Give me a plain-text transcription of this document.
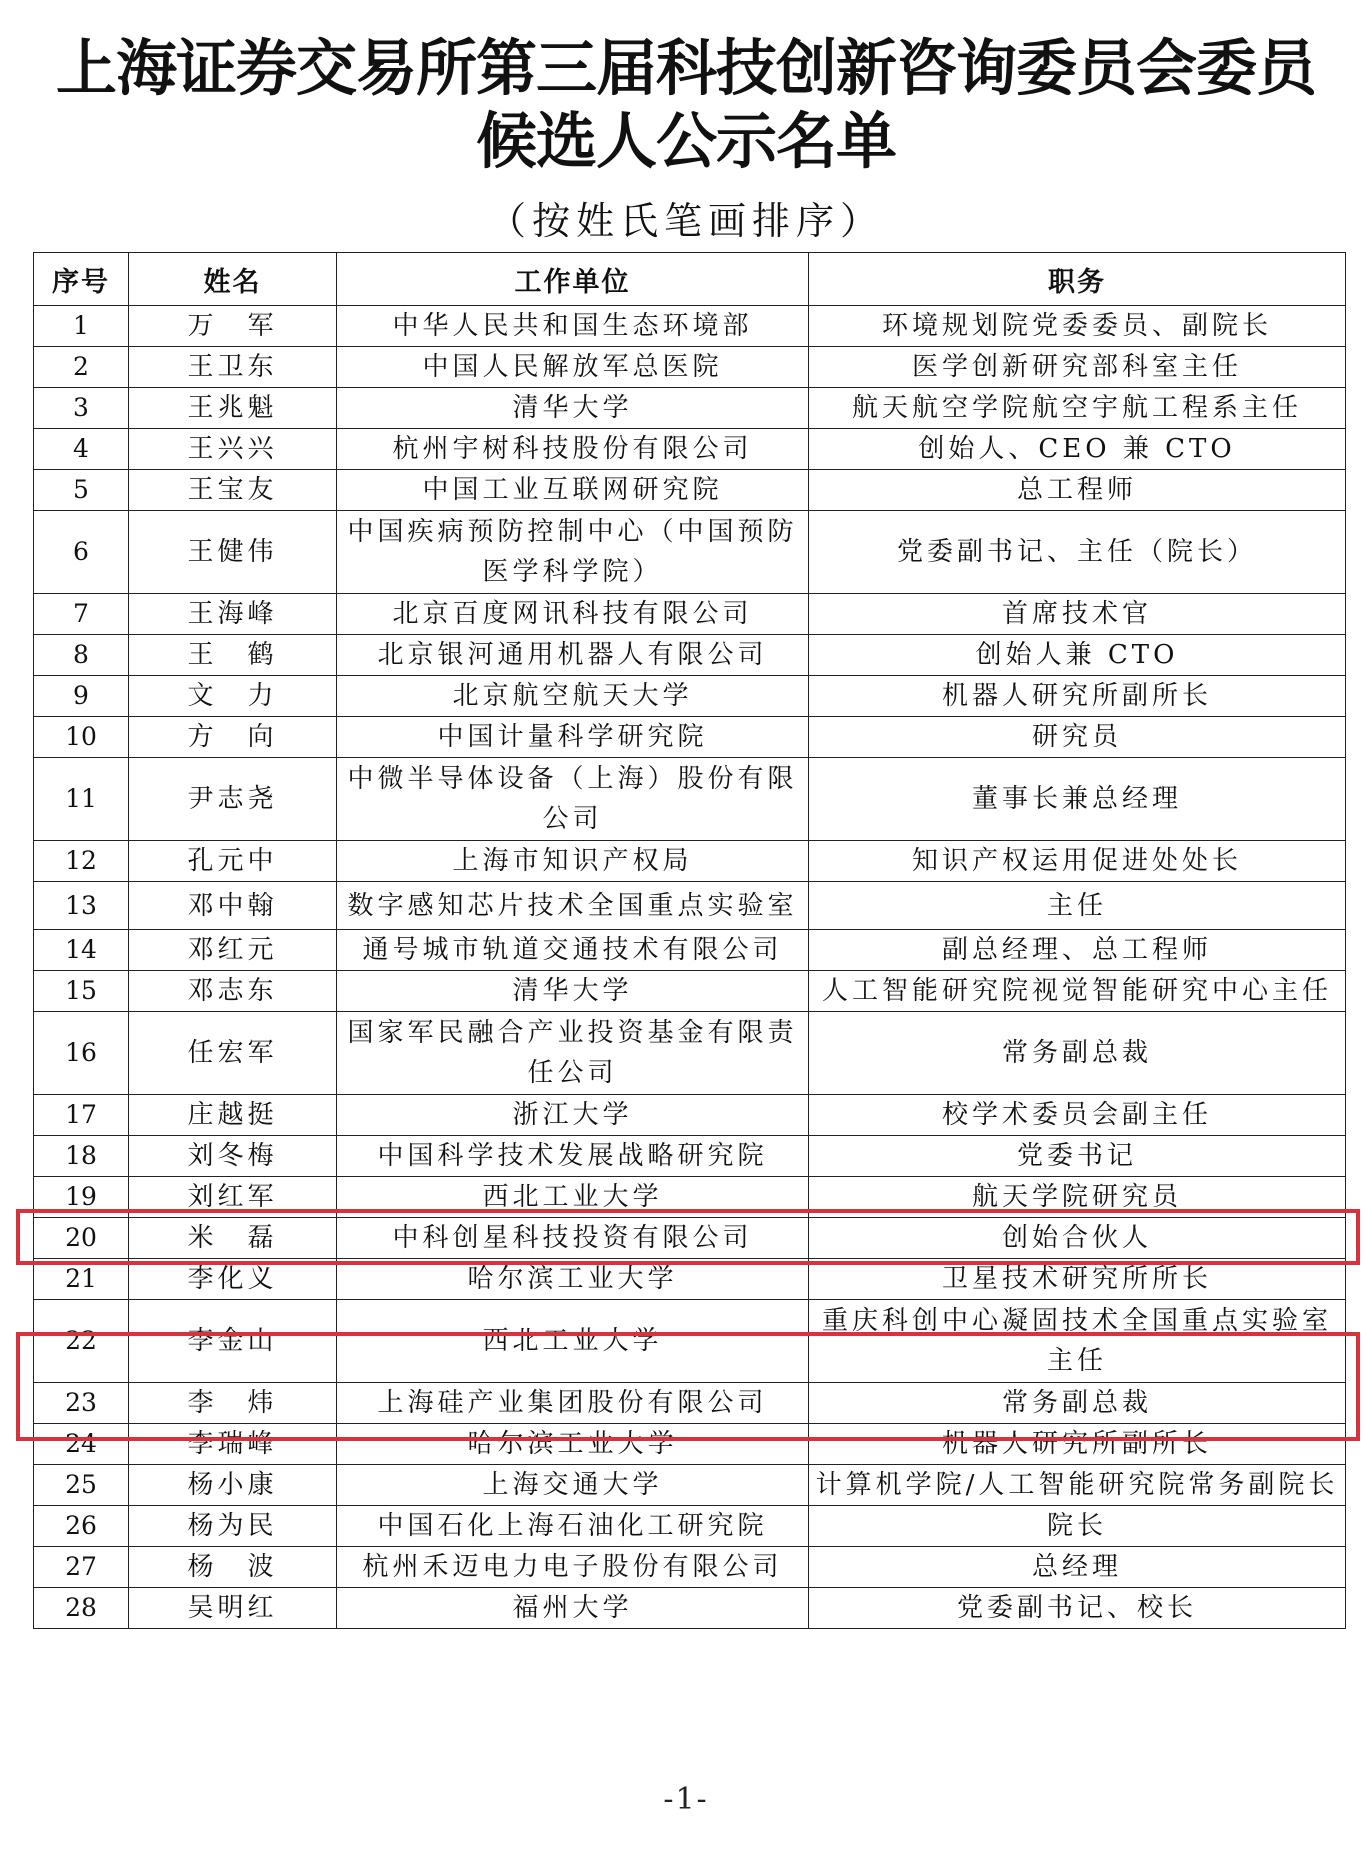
上海证券交易所第三届科技创新咨询委员会委员
候选人公示名单
（按姓氏笔画排序）
序号	姓名	工作单位	职务
1	万　军	中华人民共和国生态环境部	环境规划院党委委员、副院长
2	王卫东	中国人民解放军总医院	医学创新研究部科室主任
3	王兆魁	清华大学	航天航空学院航空宇航工程系主任
4	王兴兴	杭州宇树科技股份有限公司	创始人、CEO 兼 CTO
5	王宝友	中国工业互联网研究院	总工程师
6	王健伟	中国疾病预防控制中心（中国预防医学科学院）	党委副书记、主任（院长）
7	王海峰	北京百度网讯科技有限公司	首席技术官
8	王　鹤	北京银河通用机器人有限公司	创始人兼 CTO
9	文　力	北京航空航天大学	机器人研究所副所长
10	方　向	中国计量科学研究院	研究员
11	尹志尧	中微半导体设备（上海）股份有限公司	董事长兼总经理
12	孔元中	上海市知识产权局	知识产权运用促进处处长
13	邓中翰	数字感知芯片技术全国重点实验室	主任
14	邓红元	通号城市轨道交通技术有限公司	副总经理、总工程师
15	邓志东	清华大学	人工智能研究院视觉智能研究中心主任
16	任宏军	国家军民融合产业投资基金有限责任公司	常务副总裁
17	庄越挺	浙江大学	校学术委员会副主任
18	刘冬梅	中国科学技术发展战略研究院	党委书记
19	刘红军	西北工业大学	航天学院研究员
20	米　磊	中科创星科技投资有限公司	创始合伙人
21	李化义	哈尔滨工业大学	卫星技术研究所所长
22	李金山	西北工业大学	重庆科创中心凝固技术全国重点实验室主任
23	李　炜	上海硅产业集团股份有限公司	常务副总裁
24	李瑞峰	哈尔滨工业大学	机器人研究所副所长
25	杨小康	上海交通大学	计算机学院/人工智能研究院常务副院长
26	杨为民	中国石化上海石油化工研究院	院长
27	杨　波	杭州禾迈电力电子股份有限公司	总经理
28	吴明红	福州大学	党委副书记、校长
-1-
